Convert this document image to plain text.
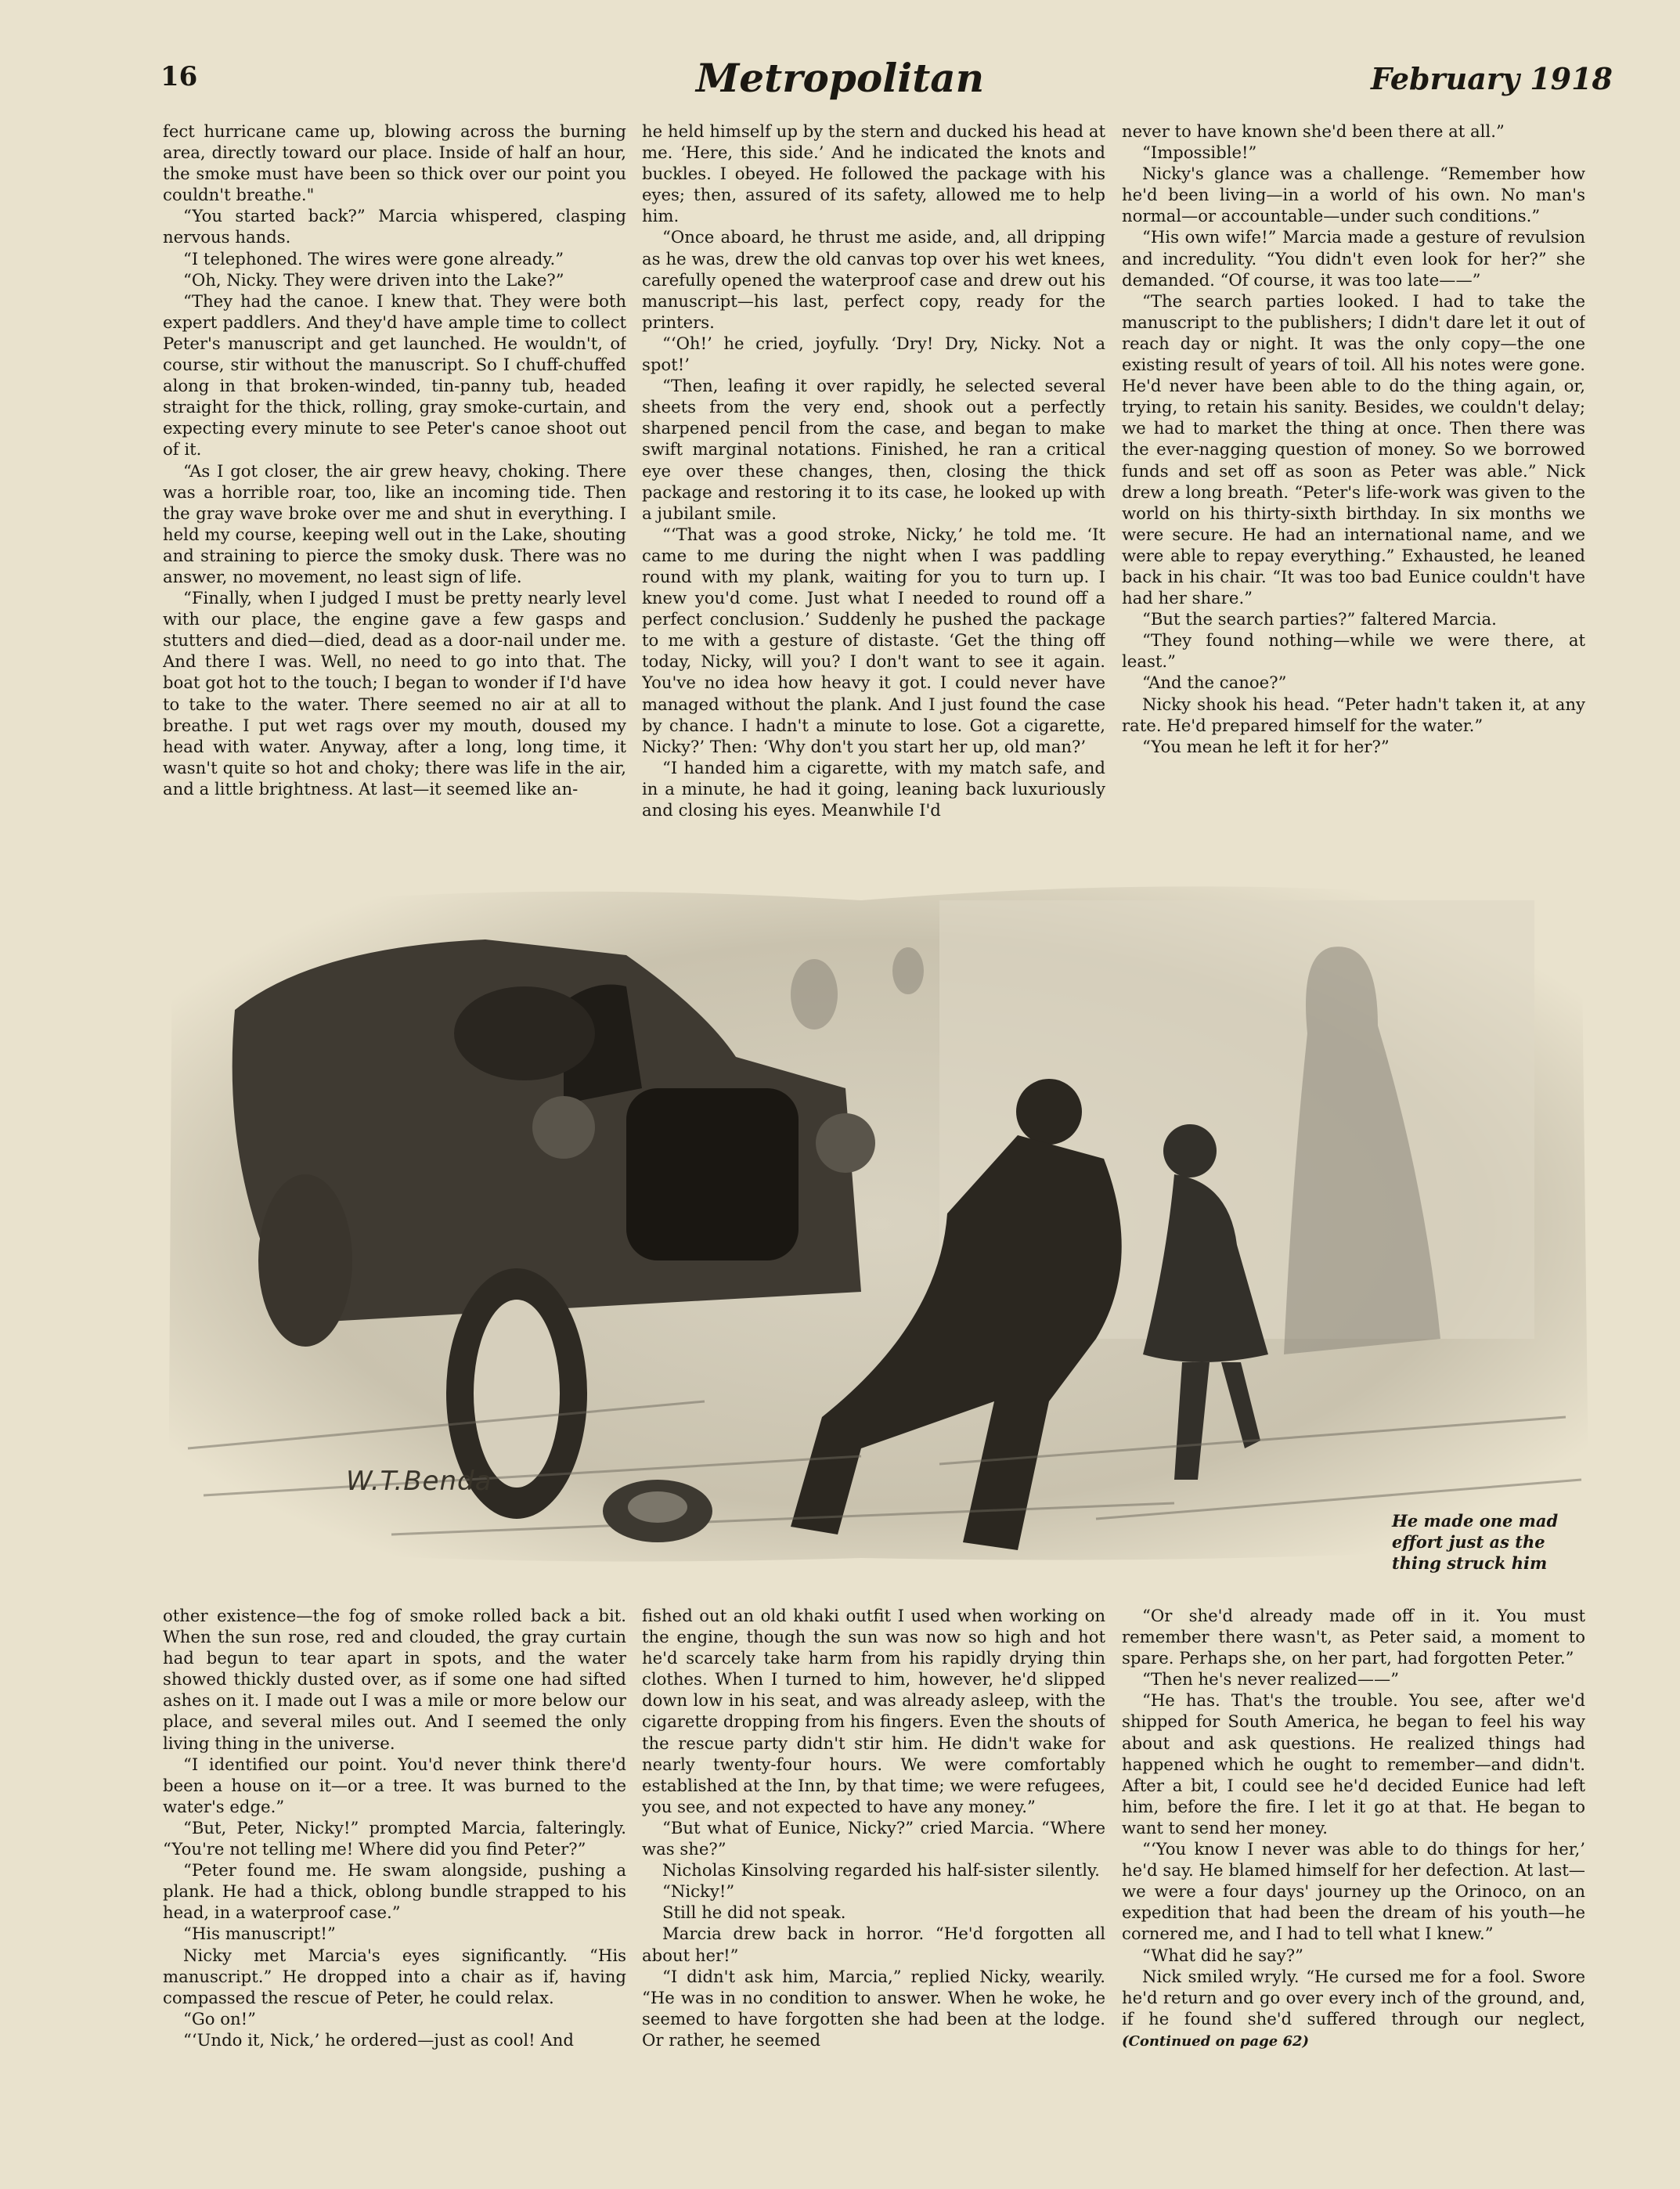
16	Metropolitan	February 1918

fect hurricane came up, blowing across the burning area, directly toward our place. Inside of half an hour, the smoke must have been so thick over our point you couldn't breathe."

“You started back?” Marcia whispered, clasping nervous hands.

“I telephoned. The wires were gone already.”

“Oh, Nicky. They were driven into the Lake?”

“They had the canoe. I knew that. They were both expert paddlers. And they'd have ample time to collect Peter's manuscript and get launched. He wouldn't, of course, stir without the manuscript. So I chuff-chuffed along in that broken-winded, tin-panny tub, headed straight for the thick, rolling, gray smoke-curtain, and expecting every minute to see Peter's canoe shoot out of it.

“As I got closer, the air grew heavy, choking. There was a horrible roar, too, like an incoming tide. Then the gray wave broke over me and shut in everything. I held my course, keeping well out in the Lake, shouting and straining to pierce the smoky dusk. There was no answer, no movement, no least sign of life.

“Finally, when I judged I must be pretty nearly level with our place, the engine gave a few gasps and stutters and died—died, dead as a door-nail under me. And there I was. Well, no need to go into that. The boat got hot to the touch; I began to wonder if I'd have to take to the water. There seemed no air at all to breathe. I put wet rags over my mouth, doused my head with water. Anyway, after a long, long time, it wasn't quite so hot and choky; there was life in the air, and a little brightness. At last—it seemed like an-

he held himself up by the stern and ducked his head at me. ‘Here, this side.’ And he indicated the knots and buckles. I obeyed. He followed the package with his eyes; then, assured of its safety, allowed me to help him.

“Once aboard, he thrust me aside, and, all dripping as he was, drew the old canvas top over his wet knees, carefully opened the waterproof case and drew out his manuscript—his last, perfect copy, ready for the printers.

“‘Oh!’ he cried, joyfully. ‘Dry! Dry, Nicky. Not a spot!’

“Then, leafing it over rapidly, he selected several sheets from the very end, shook out a perfectly sharpened pencil from the case, and began to make swift marginal notations. Finished, he ran a critical eye over these changes, then, closing the thick package and restoring it to its case, he looked up with a jubilant smile.

“‘That was a good stroke, Nicky,’ he told me. ‘It came to me during the night when I was paddling round with my plank, waiting for you to turn up. I knew you'd come. Just what I needed to round off a perfect conclusion.’ Suddenly he pushed the package to me with a gesture of distaste. ‘Get the thing off today, Nicky, will you? I don't want to see it again. You've no idea how heavy it got. I could never have managed without the plank. And I just found the case by chance. I hadn't a minute to lose. Got a cigarette, Nicky?’ Then: ‘Why don't you start her up, old man?’

“I handed him a cigarette, with my match safe, and in a minute, he had it going, leaning back luxuriously and closing his eyes. Meanwhile I'd

never to have known she'd been there at all.”

“Impossible!”

Nicky's glance was a challenge. “Remember how he'd been living—in a world of his own. No man's normal—or accountable—under such conditions.”

“His own wife!” Marcia made a gesture of revulsion and incredulity. “You didn't even look for her?” she demanded. “Of course, it was too late——”

“The search parties looked. I had to take the manuscript to the publishers; I didn't dare let it out of reach day or night. It was the only copy—the one existing result of years of toil. All his notes were gone. He'd never have been able to do the thing again, or, trying, to retain his sanity. Besides, we couldn't delay; we had to market the thing at once. Then there was the ever-nagging question of money. So we borrowed funds and set off as soon as Peter was able.” Nick drew a long breath. “Peter's life-work was given to the world on his thirty-sixth birthday. In six months we were secure. He had an international name, and we were able to repay everything.” Exhausted, he leaned back in his chair. “It was too bad Eunice couldn't have had her share.”

“But the search parties?” faltered Marcia.

“They found nothing—while we were there, at least.”

“And the canoe?”

Nicky shook his head. “Peter hadn't taken it, at any rate. He'd prepared himself for the water.”

“You mean he left it for her?”

W.T.Benda
He made one mad effort just as the thing struck him

other existence—the fog of smoke rolled back a bit. When the sun rose, red and clouded, the gray curtain had begun to tear apart in spots, and the water showed thickly dusted over, as if some one had sifted ashes on it. I made out I was a mile or more below our place, and several miles out. And I seemed the only living thing in the universe.

“I identified our point. You'd never think there'd been a house on it—or a tree. It was burned to the water's edge.”

“But, Peter, Nicky!” prompted Marcia, falteringly. “You're not telling me! Where did you find Peter?”

“Peter found me. He swam alongside, pushing a plank. He had a thick, oblong bundle strapped to his head, in a waterproof case.”

“His manuscript!”

Nicky met Marcia's eyes significantly. “His manuscript.” He dropped into a chair as if, having compassed the rescue of Peter, he could relax.

“Go on!”

“‘Undo it, Nick,’ he ordered—just as cool! And

fished out an old khaki outfit I used when working on the engine, though the sun was now so high and hot he'd scarcely take harm from his rapidly drying thin clothes. When I turned to him, however, he'd slipped down low in his seat, and was already asleep, with the cigarette dropping from his fingers. Even the shouts of the rescue party didn't stir him. He didn't wake for nearly twenty-four hours. We were comfortably established at the Inn, by that time; we were refugees, you see, and not expected to have any money.”

“But what of Eunice, Nicky?” cried Marcia. “Where was she?”

Nicholas Kinsolving regarded his half-sister silently.

“Nicky!”

Still he did not speak.

Marcia drew back in horror. “He'd forgotten all about her!”

“I didn't ask him, Marcia,” replied Nicky, wearily. “He was in no condition to answer. When he woke, he seemed to have forgotten she had been at the lodge. Or rather, he seemed

“Or she'd already made off in it. You must remember there wasn't, as Peter said, a moment to spare. Perhaps she, on her part, had forgotten Peter.”

“Then he's never realized——”

“He has. That's the trouble. You see, after we'd shipped for South America, he began to feel his way about and ask questions. He realized things had happened which he ought to remember—and didn't. After a bit, I could see he'd decided Eunice had left him, before the fire. I let it go at that. He began to want to send her money.

“‘You know I never was able to do things for her,’ he'd say. He blamed himself for her defection. At last—we were a four days' journey up the Orinoco, on an expedition that had been the dream of his youth—he cornered me, and I had to tell what I knew.”

“What did he say?”

Nick smiled wryly. “He cursed me for a fool. Swore he'd return and go over every inch of the ground, and, if he found she'd suffered through our neglect, (Continued on page 62)
